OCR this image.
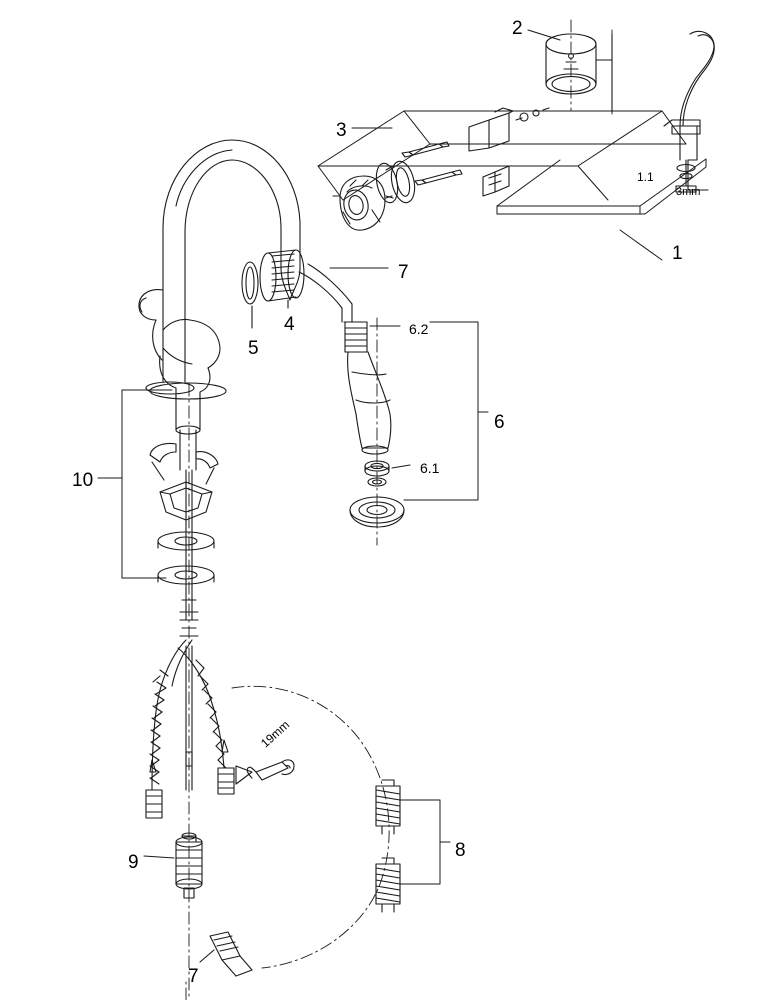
2
3
1.1
3mm
1
7
5
4	6.2
6
6.1
10
19mm
8
9
7
